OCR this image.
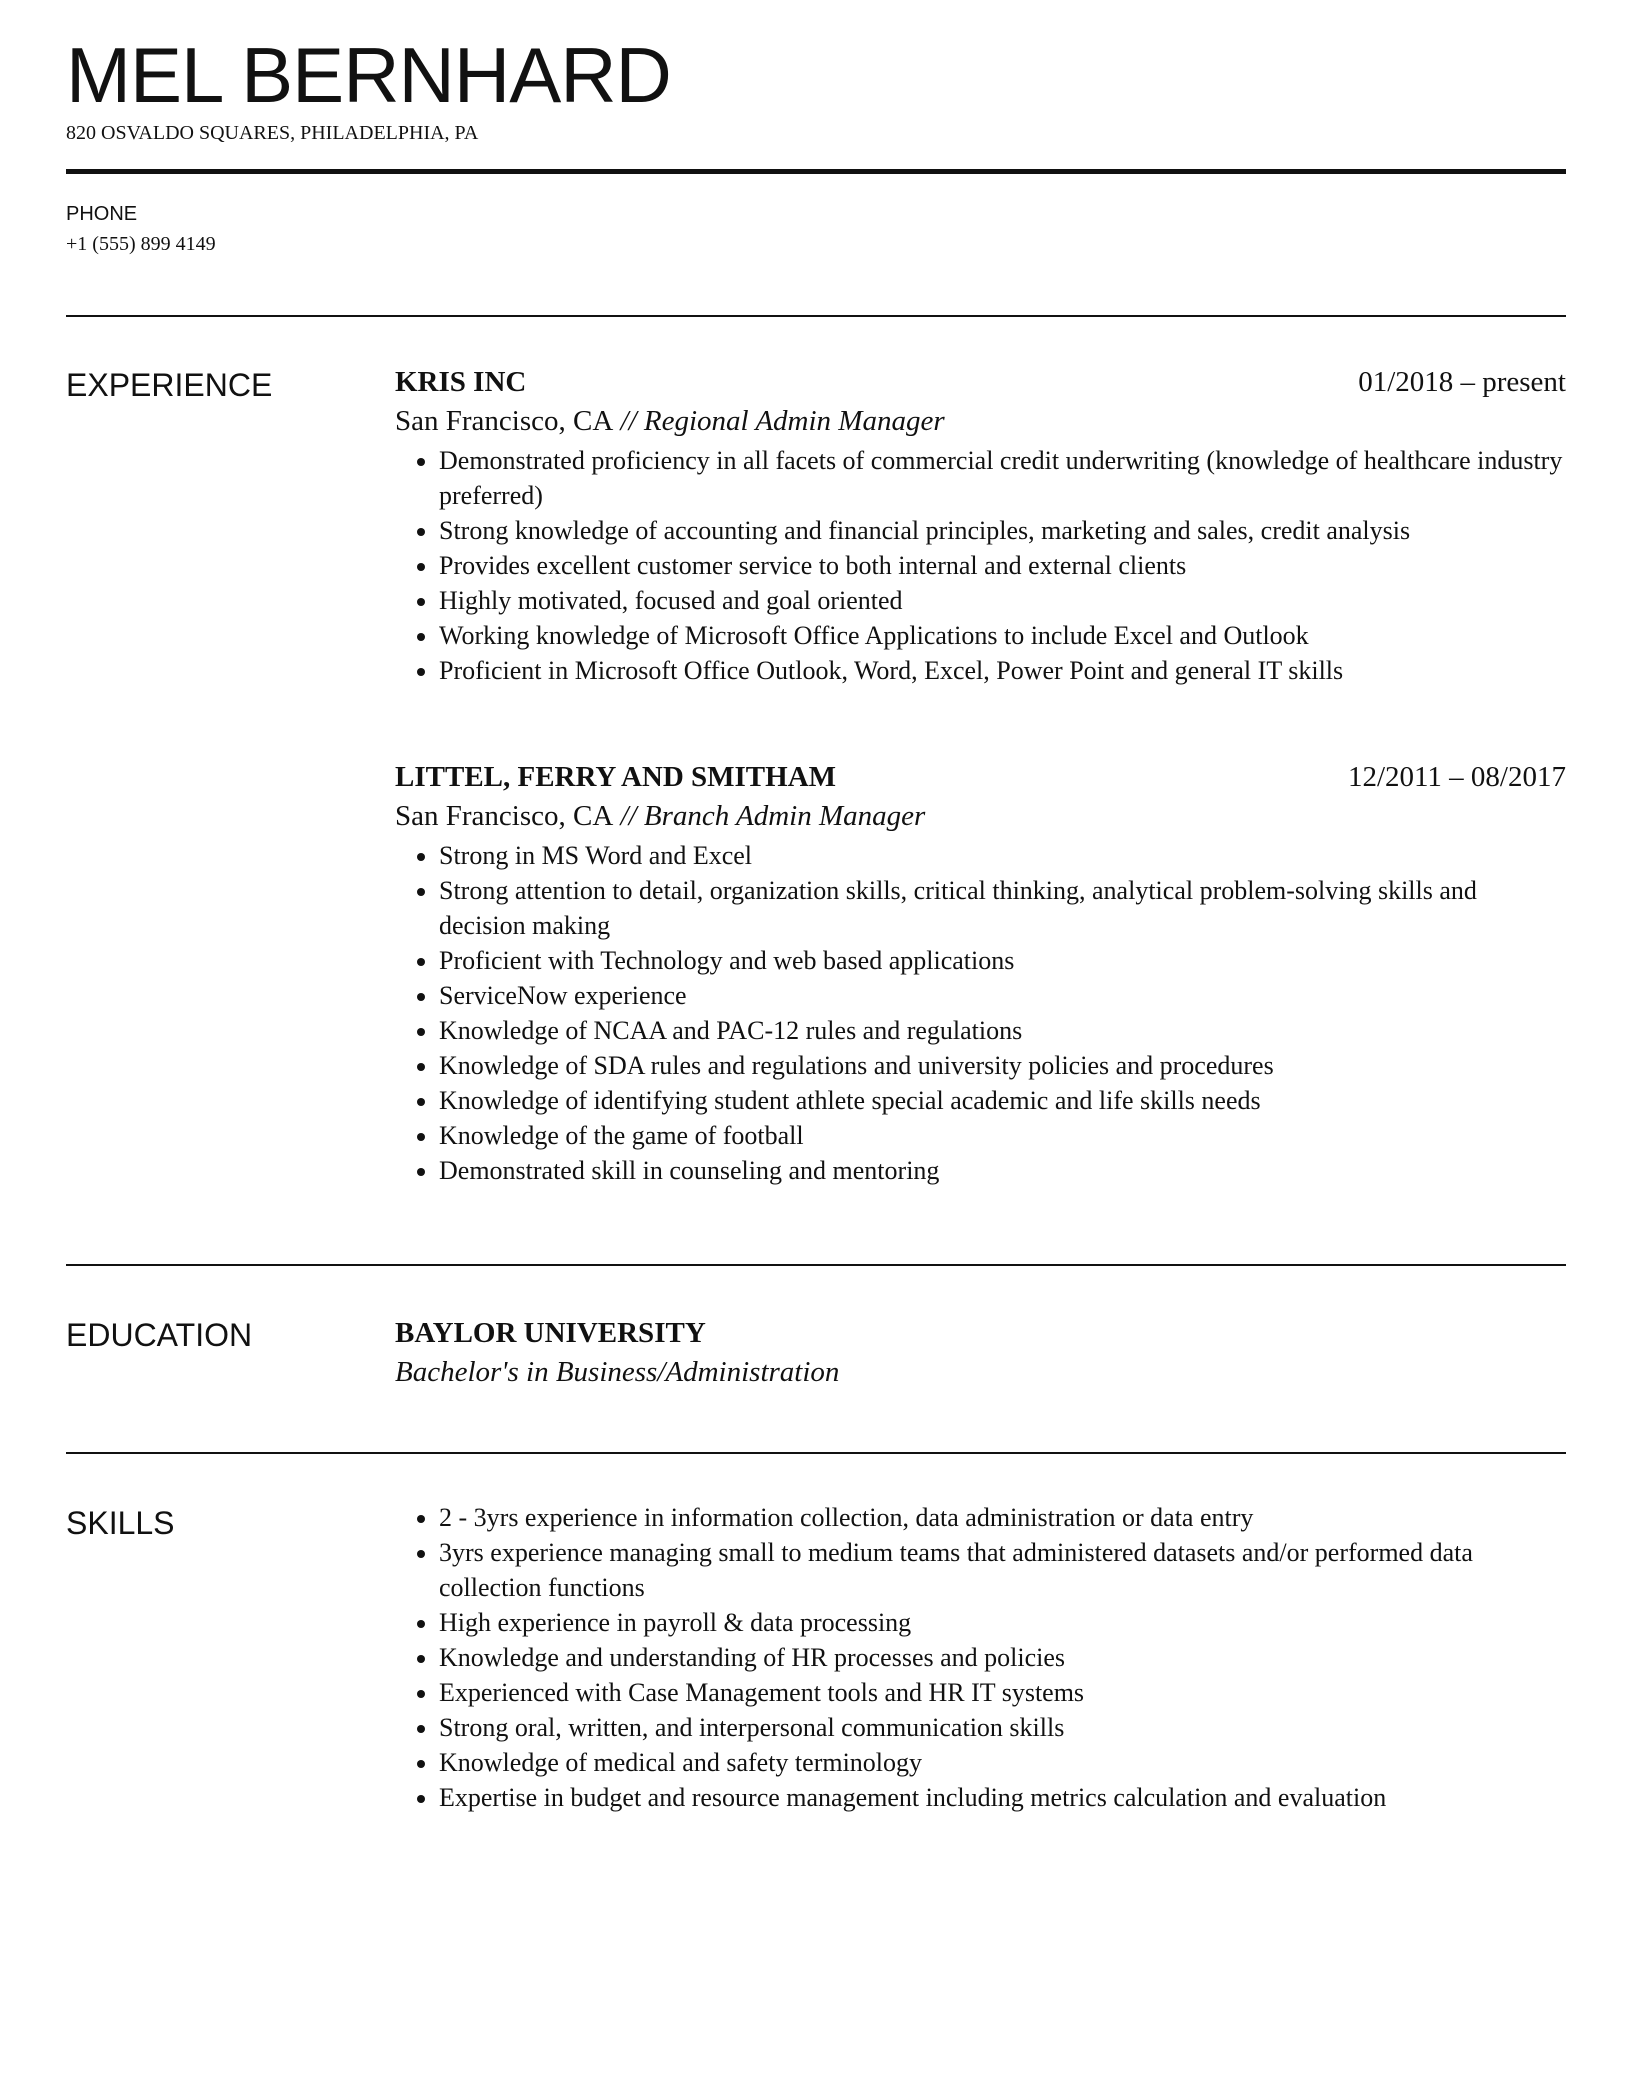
MEL BERNHARD
820 OSVALDO SQUARES, PHILADELPHIA, PA
PHONE
+1 (555) 899 4149
EXPERIENCE	KRIS INC	01/2018 – present
San Francisco, CA // Regional Admin Manager
• Demonstrated proficiency in all facets of commercial credit underwriting (knowledge of healthcare industry preferred)
• Strong knowledge of accounting and financial principles, marketing and sales, credit analysis
• Provides excellent customer service to both internal and external clients
• Highly motivated, focused and goal oriented
• Working knowledge of Microsoft Office Applications to include Excel and Outlook
• Proficient in Microsoft Office Outlook, Word, Excel, Power Point and general IT skills
LITTEL, FERRY AND SMITHAM	12/2011 – 08/2017
San Francisco, CA // Branch Admin Manager
• Strong in MS Word and Excel
• Strong attention to detail, organization skills, critical thinking, analytical problem-solving skills and decision making
• Proficient with Technology and web based applications
• ServiceNow experience
• Knowledge of NCAA and PAC-12 rules and regulations
• Knowledge of SDA rules and regulations and university policies and procedures
• Knowledge of identifying student athlete special academic and life skills needs
• Knowledge of the game of football
• Demonstrated skill in counseling and mentoring
EDUCATION	BAYLOR UNIVERSITY
Bachelor's in Business/Administration
SKILLS
•	2 - 3yrs experience in information collection, data administration or data entry
• 3yrs experience managing small to medium teams that administered datasets and/or performed data collection functions
• High experience in payroll & data processing
• Knowledge and understanding of HR processes and policies
• Experienced with Case Management tools and HR IT systems
• Strong oral, written, and interpersonal communication skills
• Knowledge of medical and safety terminology
• Expertise in budget and resource management including metrics calculation and evaluation
